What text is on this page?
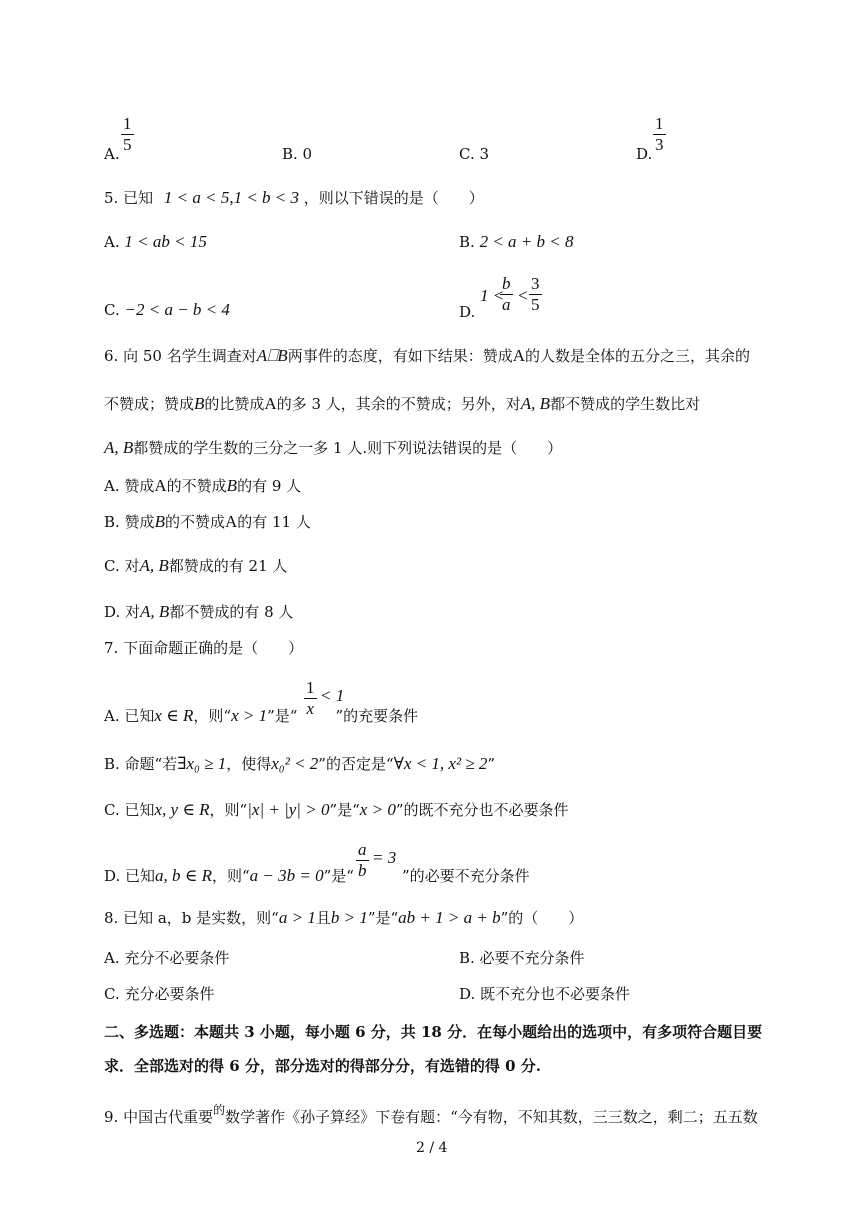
A. $\frac{1}{5}$	B. 0	C. 3	D. $\frac{1}{3}$
5. 已知 1 < a < 5,1 < b < 3 ，则以下错误的是（　　）
A. 1 < ab < 15	B. 2 < a + b < 8
C. −2 < a − b < 4	D.
1 <
$\frac{b}{a} < \frac{3}{5}$
6. 向 50 名学生调查对A⎕B两事件的态度，有如下结果：赞成A的人数是全体的五分之三，其余的
不赞成；赞成B的比赞成A的多 3 人，其余的不赞成；另外，对A, B都不赞成的学生数比对
A, B都赞成的学生数的三分之一多 1 人.则下列说法错误的是（　　）
A. 赞成A的不赞成B的有 9 人
B. 赞成B的不赞成A的有 11 人
C. 对A, B都赞成的有 21 人
D. 对A, B都不赞成的有 8 人
7. 下面命题正确的是（　　）
A. 已知x ∈ R，则“x > 1”是“	”的充要条件
$\frac{1}{x} < 1$
B. 命题“若∃x₀ ≥ 1，使得x₀² < 2”的否定是“∀x < 1, x² ≥ 2”
C. 已知x, y ∈ R，则“|x| + |y| > 0”是“x > 0”的既不充分也不必要条件
D. 已知a, b ∈ R，则“a − 3b = 0”是“	”的必要不充分条件
$\frac{a}{b} = 3$
8. 已知 a，b 是实数，则“a > 1且b > 1”是“ab + 1 > a + b”的（　　）
A. 充分不必要条件	B. 必要不充分条件
C. 充分必要条件	D. 既不充分也不必要条件
二、多选题：本题共 3 小题，每小题 6 分，共 18 分．在每小题给出的选项中，有多项符合题目要
求．全部选对的得 6 分，部分选对的得部分分，有选错的得 0 分.
9. 中国古代重要$^的$数学著作《孙子算经》下卷有题：“今有物，不知其数，三三数之，剩二；五五数
2 / 4
